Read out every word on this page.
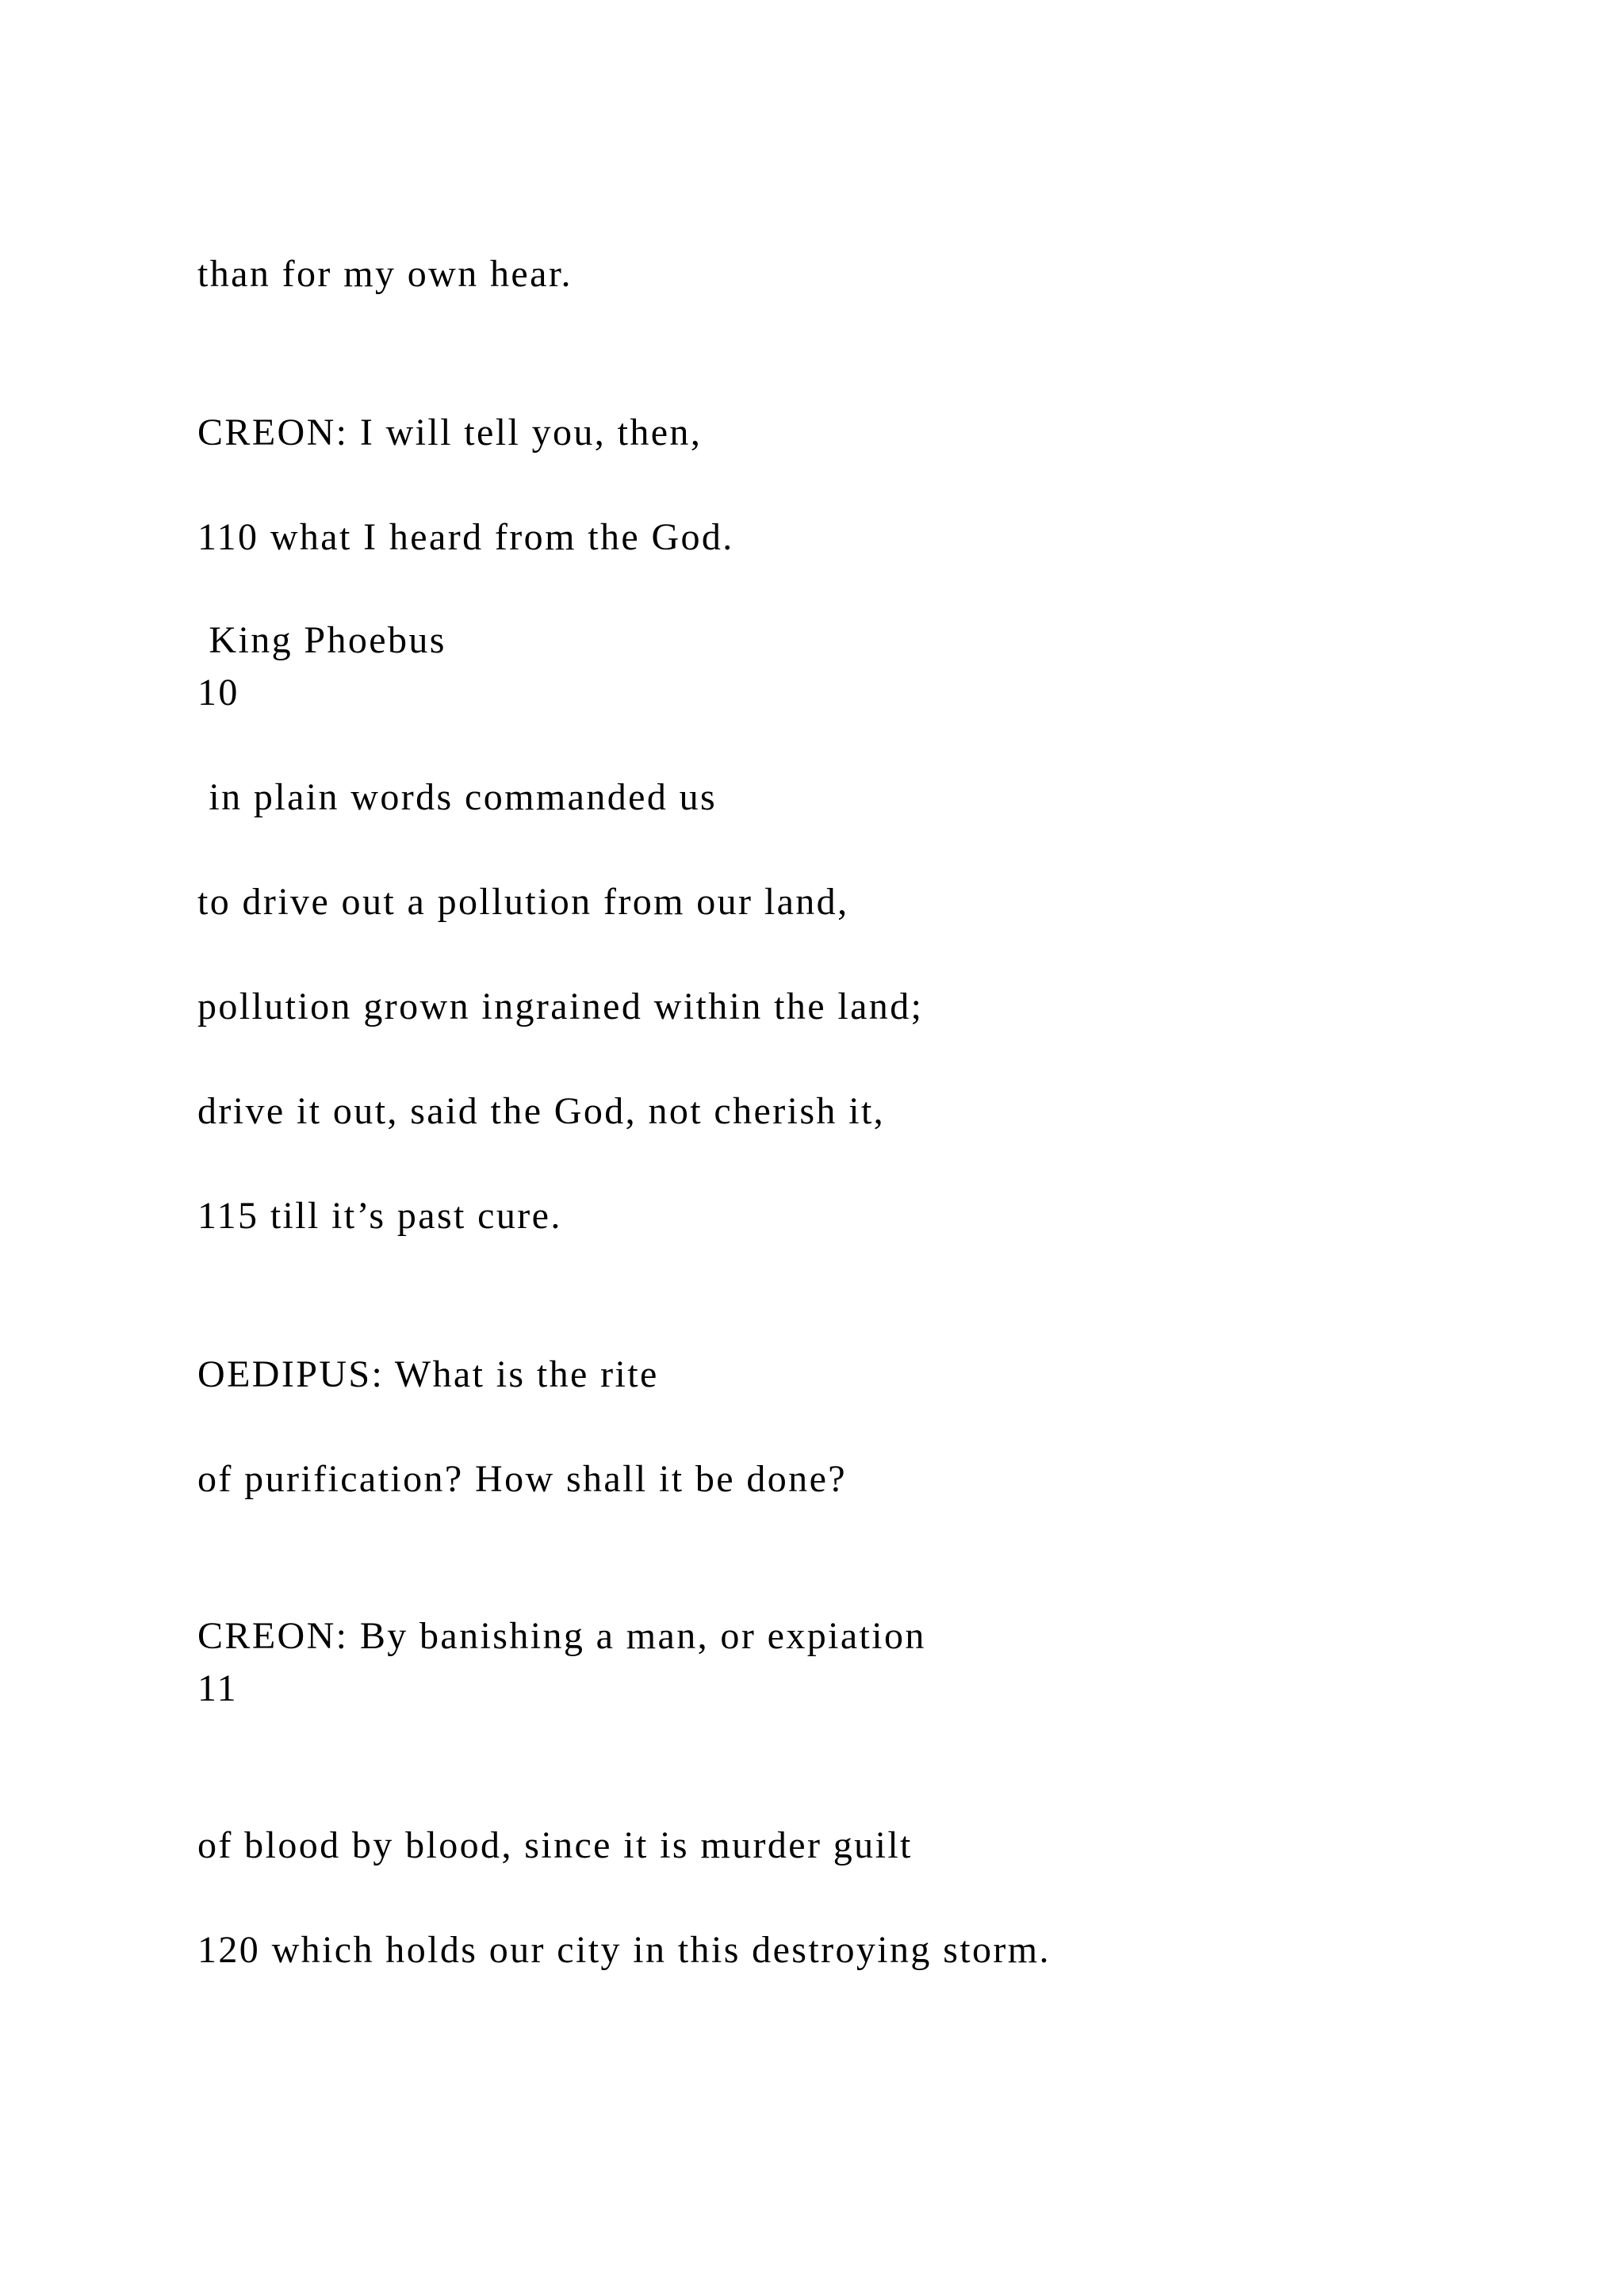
than for my own hear.

CREON: I will tell you, then,

110 what I heard from the God.

King Phoebus

10

in plain words commanded us

to drive out a pollution from our land,

pollution grown ingrained within the land;

drive it out, said the God, not cherish it,

115 till it’s past cure.

OEDIPUS: What is the rite

of purification? How shall it be done?

CREON: By banishing a man, or expiation

11

of blood by blood, since it is murder guilt

120 which holds our city in this destroying storm.
